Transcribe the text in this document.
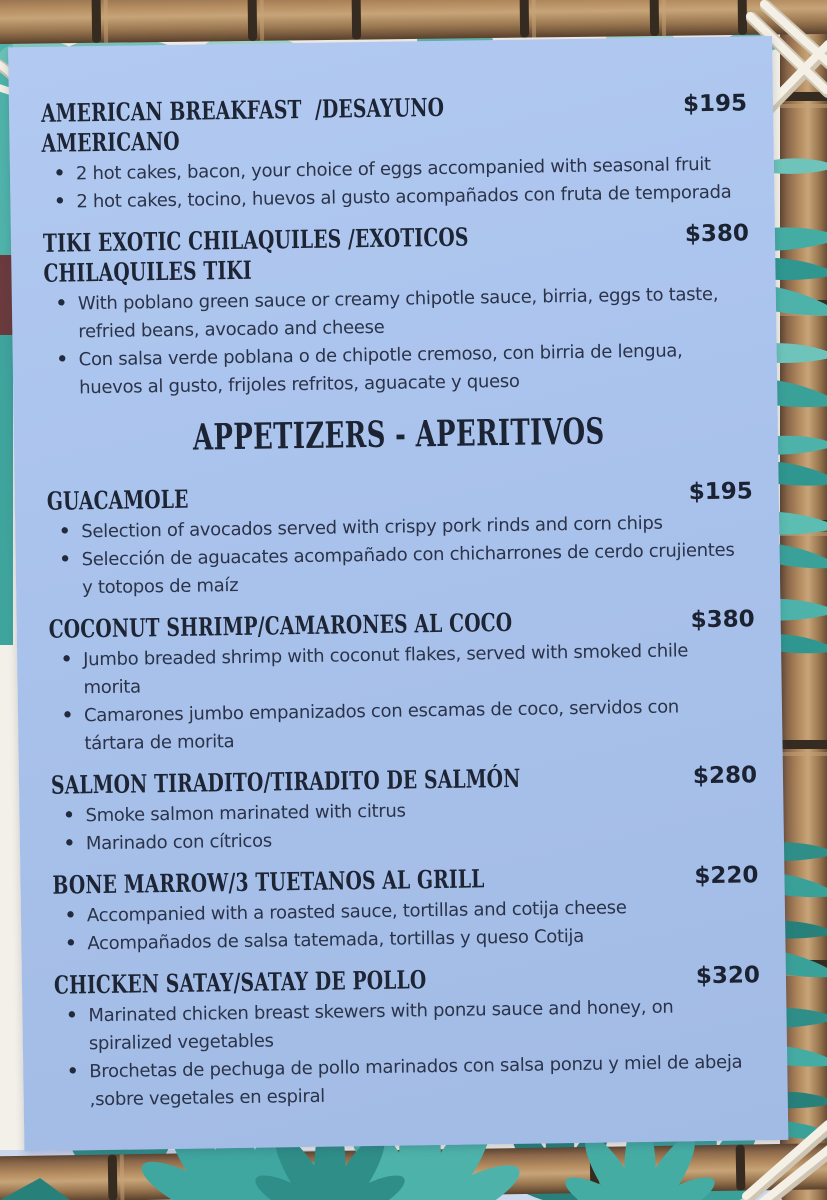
AMERICAN BREAKFAST  /DESAYUNO AMERICANO
$195
• 2 hot cakes, bacon, your choice of eggs accompanied with seasonal fruit
• 2 hot cakes, tocino, huevos al gusto acompañados con fruta de temporada
TIKI EXOTIC CHILAQUILES /EXOTICOS CHILAQUILES TIKI
$380
• With poblano green sauce or creamy chipotle sauce, birria, eggs to taste, refried beans, avocado and cheese
• Con salsa verde poblana o de chipotle cremoso, con birria de lengua, huevos al gusto, frijoles refritos, aguacate y queso
APPETIZERS - APERITIVOS
GUACAMOLE	$195
• Selection of avocados served with crispy pork rinds and corn chips
• Selección de aguacates acompañado con chicharrones de cerdo crujientes y totopos de maíz
COCONUT SHRIMP/CAMARONES AL COCO	$380
• Jumbo breaded shrimp with coconut flakes, served with smoked chile morita
• Camarones jumbo empanizados con escamas de coco, servidos con tártara de morita
SALMON TIRADITO/TIRADITO DE SALMÓN	$280
• Smoke salmon marinated with citrus
• Marinado con cítricos
BONE MARROW/3 TUETANOS AL GRILL	$220
• Accompanied with a roasted sauce, tortillas and cotija cheese
• Acompañados de salsa tatemada, tortillas y queso Cotija
CHICKEN SATAY/SATAY DE POLLO	$320
• Marinated chicken breast skewers with ponzu sauce and honey, on spiralized vegetables
• Brochetas de pechuga de pollo marinados con salsa ponzu y miel de abeja ,sobre vegetales en espiral
